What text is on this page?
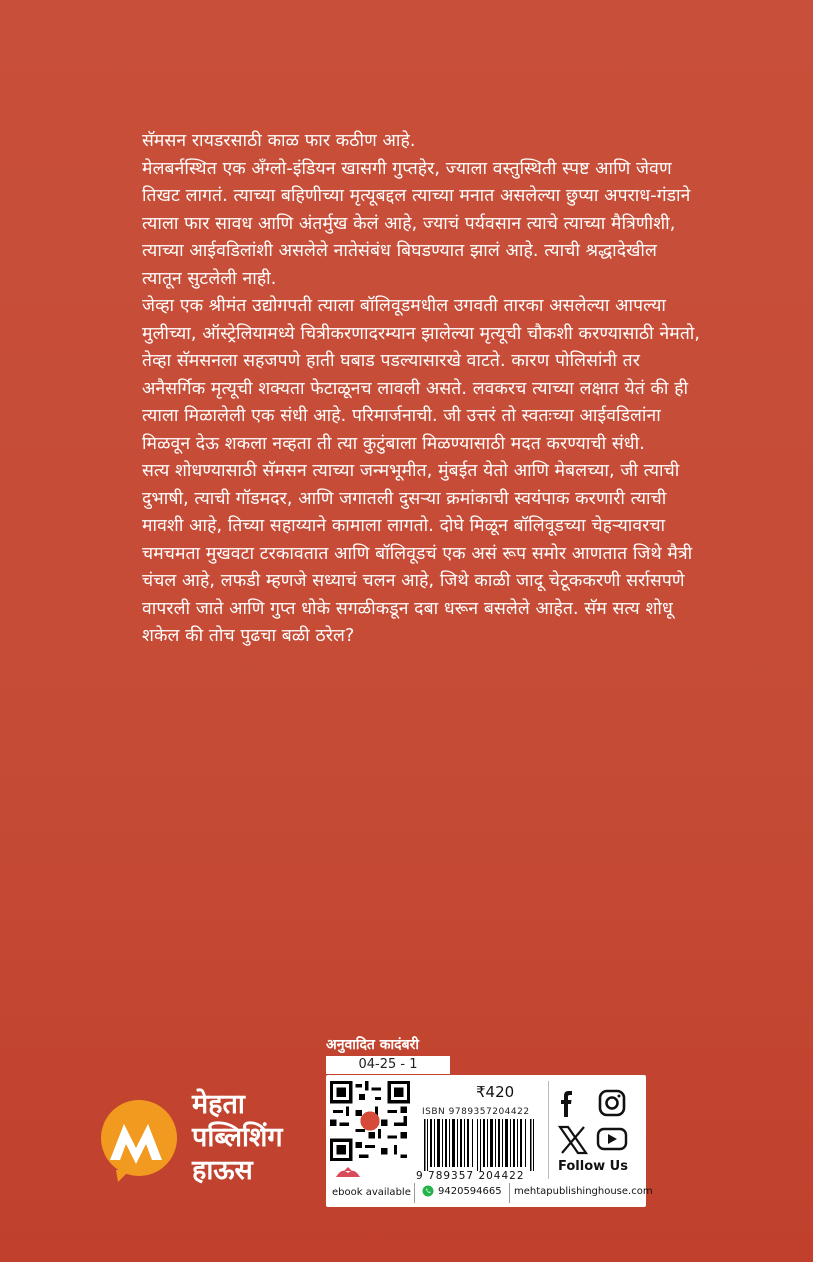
सॅमसन रायडरसाठी काळ फार कठीण आहे.

मेलबर्नस्थित एक अँग्लो-इंडियन खासगी गुप्तहेर, ज्याला वस्तुस्थिती स्पष्ट आणि जेवण तिखट लागतं. त्याच्या बहिणीच्या मृत्यूबद्दल त्याच्या मनात असलेल्या छुप्या अपराध-गंडाने त्याला फार सावध आणि अंतर्मुख केलं आहे, ज्याचं पर्यवसान त्याचे त्याच्या मैत्रिणीशी, त्याच्या आईवडिलांशी असलेले नातेसंबंध बिघडण्यात झालं आहे. त्याची श्रद्धादेखील त्यातून सुटलेली नाही.

जेव्हा एक श्रीमंत उद्योगपती त्याला बॉलिवूडमधील उगवती तारका असलेल्या आपल्या मुलीच्या, ऑस्ट्रेलियामध्ये चित्रीकरणादरम्यान झालेल्या मृत्यूची चौकशी करण्यासाठी नेमतो, तेव्हा सॅमसनला सहजपणे हाती घबाड पडल्यासारखे वाटते. कारण पोलिसांनी तर अनैसर्गिक मृत्यूची शक्यता फेटाळूनच लावली असते. लवकरच त्याच्या लक्षात येतं की ही त्याला मिळालेली एक संधी आहे. परिमार्जनाची. जी उत्तरं तो स्वतःच्या आईवडिलांना मिळवून देऊ शकला नव्हता ती त्या कुटुंबाला मिळण्यासाठी मदत करण्याची संधी.

सत्य शोधण्यासाठी सॅमसन त्याच्या जन्मभूमीत, मुंबईत येतो आणि मेबलच्या, जी त्याची दुभाषी, त्याची गॉडमदर, आणि जगातली दुसऱ्या क्रमांकाची स्वयंपाक करणारी त्याची मावशी आहे, तिच्या सहाय्याने कामाला लागतो. दोघे मिळून बॉलिवूडच्या चेहऱ्यावरचा चमचमता मुखवटा टरकावतात आणि बॉलिवूडचं एक असं रूप समोर आणतात जिथे मैत्री चंचल आहे, लफडी म्हणजे सध्याचं चलन आहे, जिथे काळी जादू चेटूककरणी सर्रासपणे वापरली जाते आणि गुप्त धोके सगळीकडून दबा धरून बसलेले आहेत. सॅम सत्य शोधू शकेल की तोच पुढचा बळी ठरेल?

मेहता
पब्लिशिंग
हाऊस
अनुवादित कादंबरी
04-25 - 1
₹420
ISBN 9789357204422
9 789357 204422
ebook available	9420594665 mehtapublishinghouse.com
Follow Us
